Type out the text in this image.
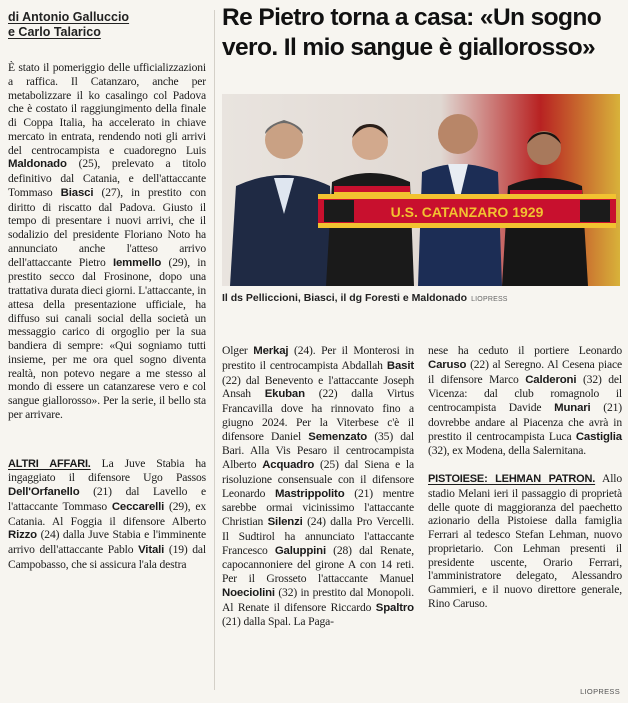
di Antonio Galluccio
e Carlo Talarico

È stato il pomeriggio delle ufficializzazioni a raffica. Il Catanzaro, anche per metabolizzare il ko casalingo col Padova che è costato il raggiungimento della finale di Coppa Italia, ha accelerato in chiave mercato in entrata, rendendo noti gli arrivi del centrocampista e cuadoregno Luis Maldonado (25), prelevato a titolo definitivo dal Catania, e dell'attaccante Tommaso Biasci (27), in prestito con diritto di riscatto dal Padova. Giusto il tempo di presentare i nuovi arrivi, che il sodalizio del presidente Floriano Noto ha annunciato anche l'atteso arrivo dell'attaccante Pietro Iemmello (29), in prestito secco dal Frosinone, dopo una trattativa durata dieci giorni. L'attaccante, in attesa della presentazione ufficiale, ha diffuso sui canali social della società un messaggio carico di orgoglio per la sua bandiera di sempre: «Qui sogniamo tutti insieme, per me ora quel sogno diventa realtà, non potevo negare a me stesso al mondo di essere un catanzarese vero e col sangue giallorosso». Per la serie, il bello sta per arrivare.

ALTRI AFFARI. La Juve Stabia ha ingaggiato il difensore Ugo Passos Dell'Orfanello (21) dal Lavello e l'attaccante Tommaso Ceccarelli (29), ex Catania. Al Foggia il difensore Alberto Rizzo (24) dalla Juve Stabia e l'imminente arrivo dell'attaccante Pablo Vitali (19) dal Campobasso, che si assicura l'ala destra

Re Pietro torna a casa: «Un sogno vero. Il mio sangue è giallorosso»
U.S. CATANZARO 1929
Il ds Pelliccioni, Biasci, il dg Foresti e Maldonado LIOPRESS

Olger Merkaj (24). Per il Monterosi in prestito il centrocampista Abdallah Basit (22) dal Benevento e l'attaccante Joseph Ansah Ekuban (22) dalla Virtus Francavilla dove ha rinnovato fino a giugno 2024. Per la Viterbese c'è il difensore Daniel Semenzato (35) dal Bari. Alla Vis Pesaro il centrocampista Alberto Acquadro (25) dal Siena e la risoluzione consensuale con il difensore Leonardo Mastrippolito (21) mentre sarebbe ormai vicinissimo l'attaccante Christian Silenzi (24) dalla Pro Vercelli. Il Sudtirol ha annunciato l'attaccante Francesco Galuppini (28) dal Renate, capocannoniere del girone A con 14 reti. Per il Grosseto l'attaccante Manuel Noeciolini (32) in prestito dal Monopoli. Al Renate il difensore Riccardo Spaltro (21) dalla Spal. La Paga-

nese ha ceduto il portiere Leonardo Caruso (22) al Seregno. Al Cesena piace il difensore Marco Calderoni (32) del Vicenza: dal club romagnolo il centrocampista Davide Munari (21) dovrebbe andare al Piacenza che avrà in prestito il centrocampista Luca Castiglia (32), ex Modena, della Salernitana.

PISTOIESE: LEHMAN PATRON. Allo stadio Melani ieri il passaggio di proprietà delle quote di maggioranza del paechetto azionario della Pistoiese dalla famiglia Ferrari al tedesco Stefan Lehman, nuovo proprietario. Con Lehman presenti il presidente uscente, Orario Ferrari, l'amministratore delegato, Alessandro Gammieri, e il nuovo direttore generale, Rino Caruso.

LIOPRESS
